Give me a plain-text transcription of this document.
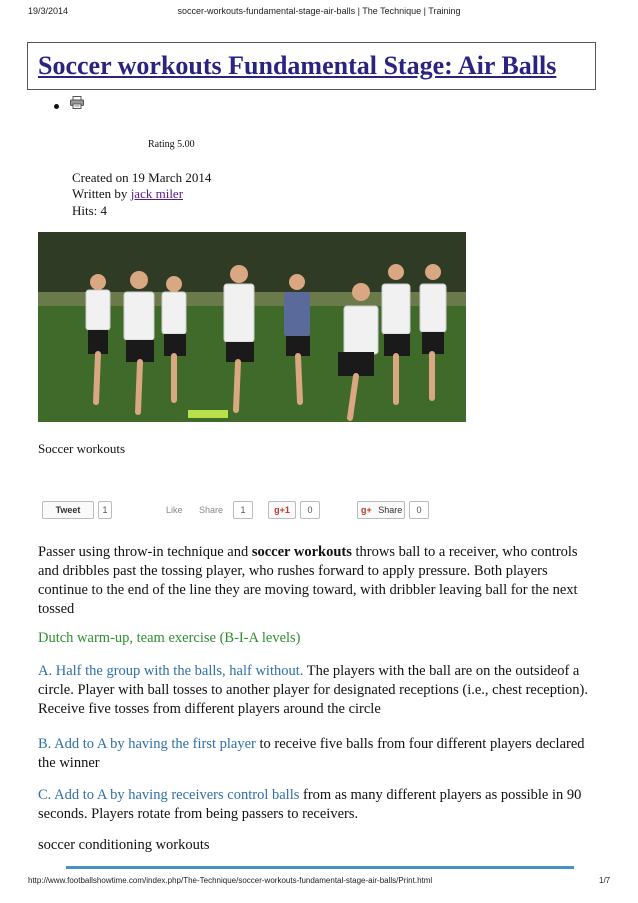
19/3/2014	soccer-workouts-fundamental-stage-air-balls | The Technique | Training
Soccer workouts Fundamental Stage: Air Balls
Rating 5.00
Created on 19 March 2014
Written by jack miler
Hits: 4
Soccer workouts
Tweet	1	Like Share	1	g+1	0	g+ Share	0

Passer using throw-in technique and soccer workouts throws ball to a receiver, who controls and dribbles past the tossing player, who rushes forward to apply pressure. Both players continue to the end of the line they are moving toward, with dribbler leaving ball for the next tossed

Dutch warm-up, team exercise (B-I-A levels)

A. Half the group with the balls, half without. The players with the ball are on the outsideof a circle. Player with ball tosses to another player for designated receptions (i.e., chest reception). Receive five tosses from different players around the circle

B. Add to A by having the first player to receive five balls from four different players declared the winner

C. Add to A by having receivers control balls from as many different players as possible in 90 seconds. Players rotate from being passers to receivers.

soccer conditioning workouts

http://www.footballshowtime.com/index.php/The-Technique/soccer-workouts-fundamental-stage-air-balls/Print.html	1/7
